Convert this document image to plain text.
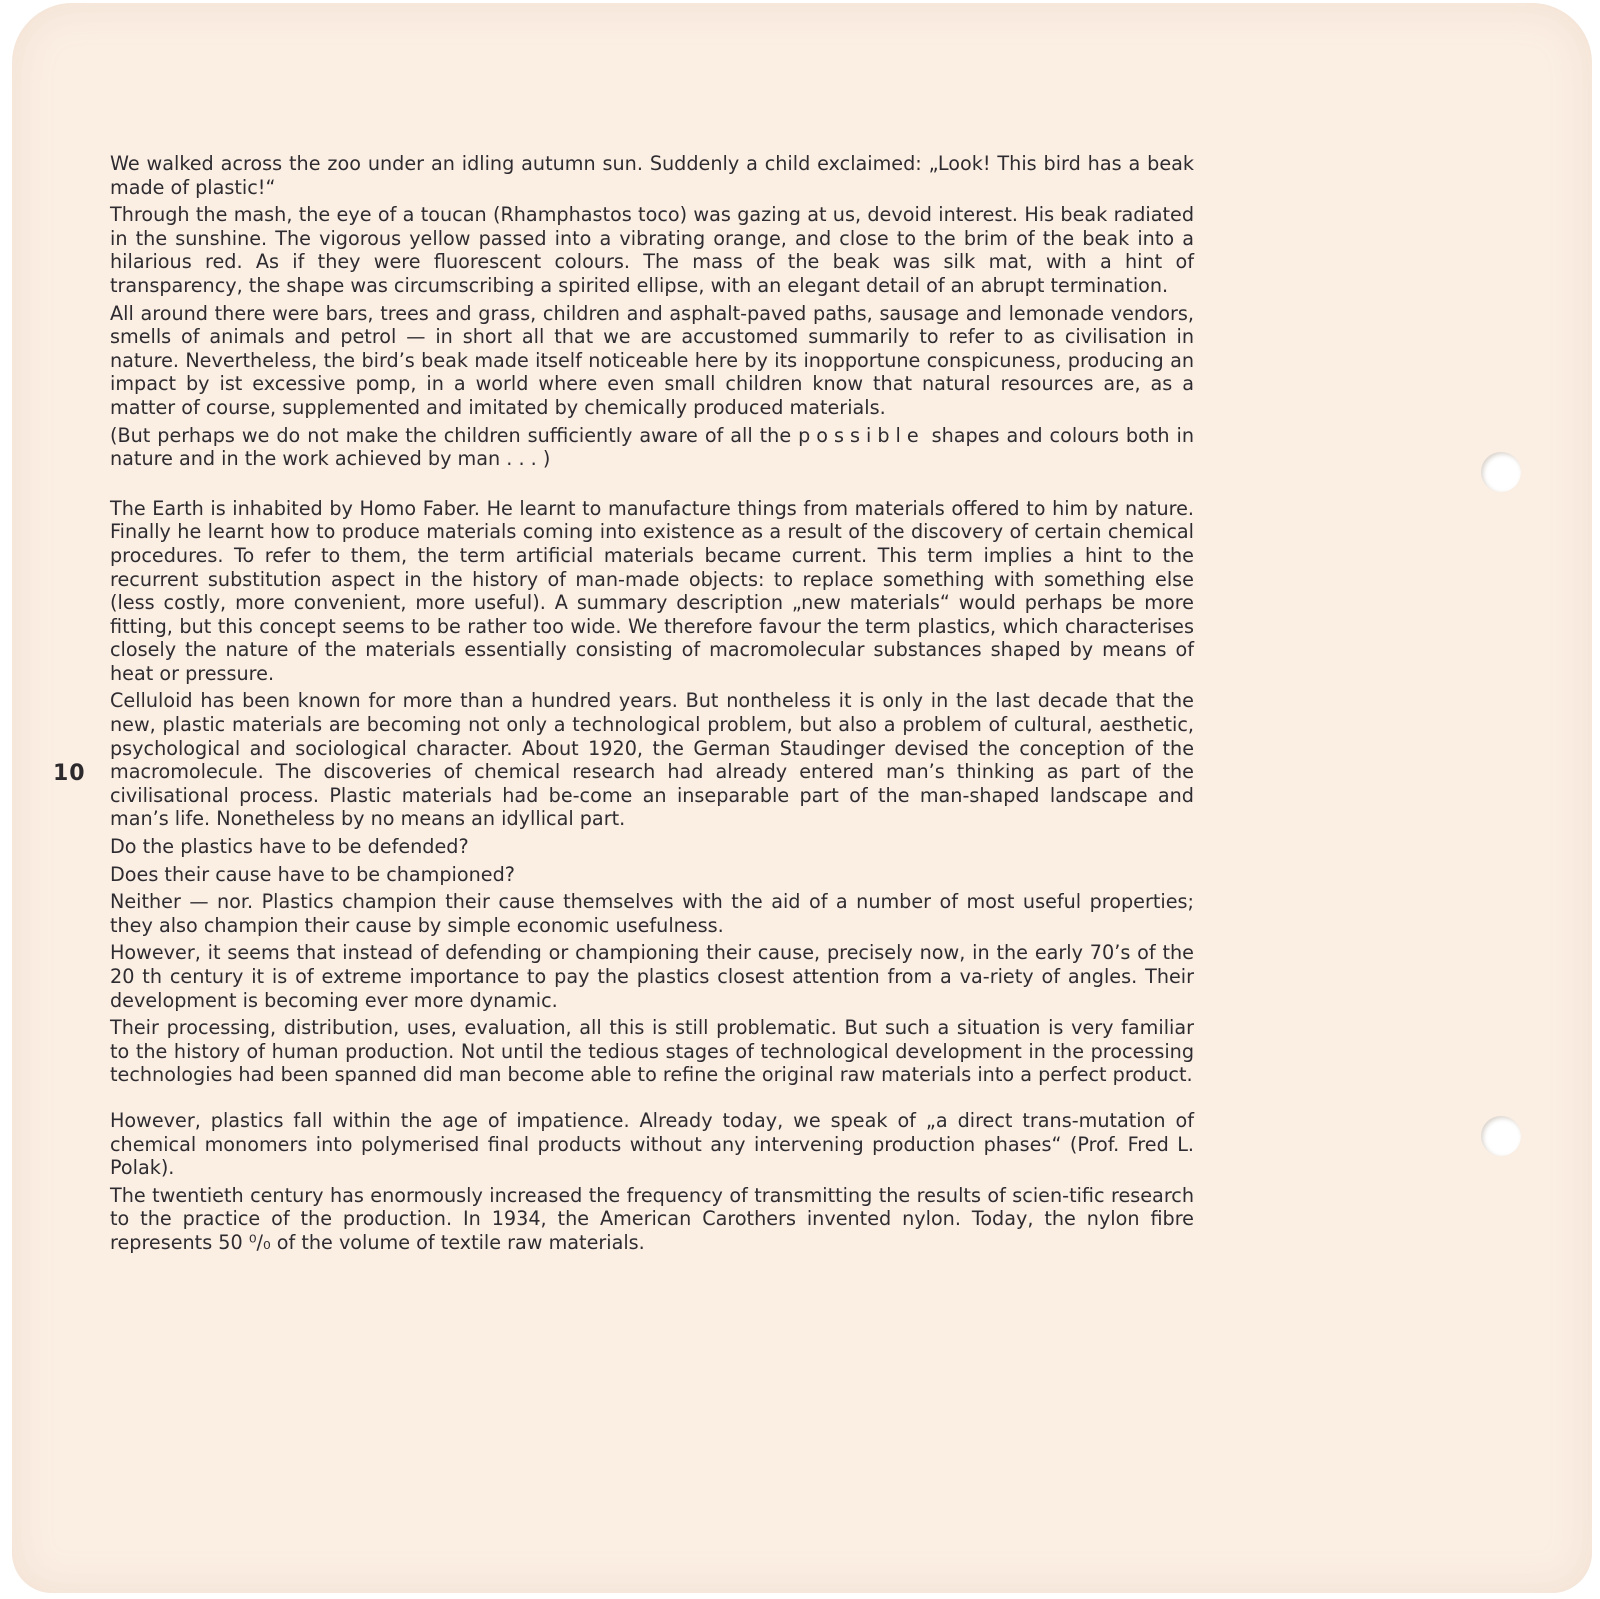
10

We walked across the zoo under an idling autumn sun. Suddenly a child exclaimed: „Look! This bird has a beak made of plastic!“

Through the mash, the eye of a toucan (Rhamphastos toco) was gazing at us, devoid interest. His beak radiated in the sunshine. The vigorous yellow passed into a vibrating orange, and close to the brim of the beak into a hilarious red. As if they were fluorescent colours. The mass of the beak was silk mat, with a hint of transparency, the shape was circumscribing a spirited ellipse, with an elegant detail of an abrupt termination.

All around there were bars, trees and grass, children and asphalt-paved paths, sausage and lemonade vendors, smells of animals and petrol — in short all that we are accustomed summarily to refer to as civilisation in nature. Nevertheless, the bird’s beak made itself noticeable here by its inopportune conspicuness, producing an impact by ist excessive pomp, in a world where even small children know that natural resources are, as a matter of course, supplemented and imitated by chemically produced materials.

(But perhaps we do not make the children sufficiently aware of all the possible shapes and colours both in nature and in the work achieved by man . . . )

The Earth is inhabited by Homo Faber. He learnt to manufacture things from materials offered to him by nature. Finally he learnt how to produce materials coming into existence as a result of the discovery of certain chemical procedures. To refer to them, the term artificial materials became current. This term implies a hint to the recurrent substitution aspect in the history of man-made objects: to replace something with something else (less costly, more convenient, more useful). A summary description „new materials“ would perhaps be more fitting, but this concept seems to be rather too wide. We therefore favour the term plastics, which characterises closely the nature of the materials essentially consisting of macromolecular substances shaped by means of heat or pressure.

Celluloid has been known for more than a hundred years. But nontheless it is only in the last decade that the new, plastic materials are becoming not only a technological problem, but also a problem of cultural, aesthetic, psychological and sociological character. About 1920, the German Staudinger devised the conception of the macromolecule. The discoveries of chemical research had already entered man’s thinking as part of the civilisational process. Plastic materials had be-come an inseparable part of the man-shaped landscape and man’s life. Nonetheless by no means an idyllical part.

Do the plastics have to be defended?

Does their cause have to be championed?

Neither — nor. Plastics champion their cause themselves with the aid of a number of most useful properties; they also champion their cause by simple economic usefulness.

However, it seems that instead of defending or championing their cause, precisely now, in the early 70’s of the 20 th century it is of extreme importance to pay the plastics closest attention from a va-riety of angles. Their development is becoming ever more dynamic.

Their processing, distribution, uses, evaluation, all this is still problematic. But such a situation is very familiar to the history of human production. Not until the tedious stages of technological development in the processing technologies had been spanned did man become able to refine the original raw materials into a perfect product.

However, plastics fall within the age of impatience. Already today, we speak of „a direct trans-mutation of chemical monomers into polymerised final products without any intervening production phases“ (Prof. Fred L. Polak).

The twentieth century has enormously increased the frequency of transmitting the results of scien-tific research to the practice of the production. In 1934, the American Carothers invented nylon. Today, the nylon fibre represents 50 ⁰/₀ of the volume of textile raw materials.
